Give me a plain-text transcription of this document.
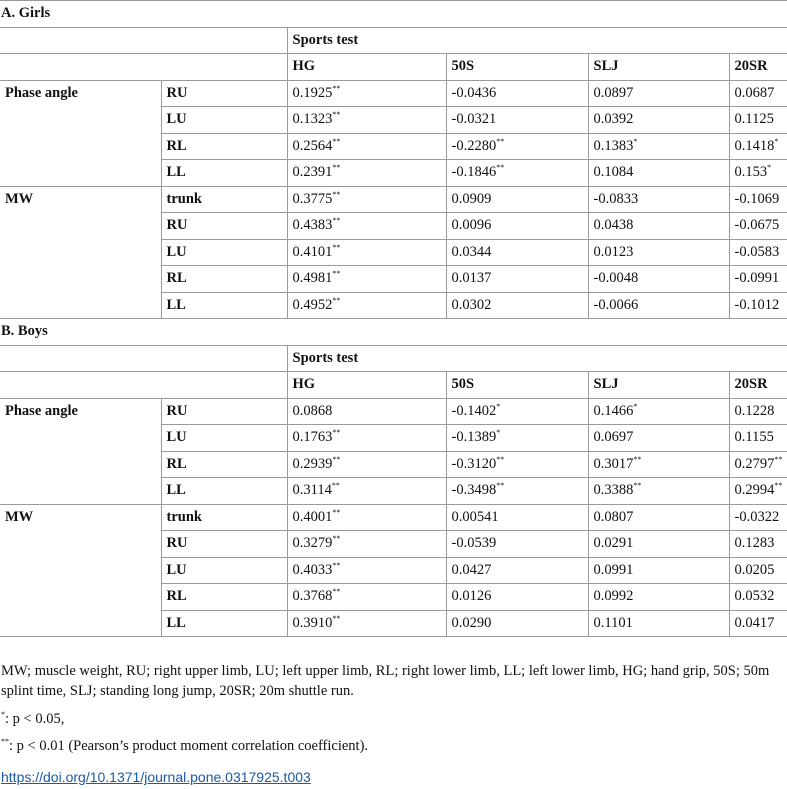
A. Girls					
		Sports test			
		HG	50S	SLJ	20SR
Phase angle	RU	0.1925**	-0.0436	0.0897	0.0687
	LU	0.1323**	-0.0321	0.0392	0.1125
	RL	0.2564**	-0.2280**	0.1383*	0.1418*
	LL	0.2391**	-0.1846**	0.1084	0.153*
MW	trunk	0.3775**	0.0909	-0.0833	-0.1069
	RU	0.4383**	0.0096	0.0438	-0.0675
	LU	0.4101**	0.0344	0.0123	-0.0583
	RL	0.4981**	0.0137	-0.0048	-0.0991
	LL	0.4952**	0.0302	-0.0066	-0.1012
B. Boys					
		Sports test			
		HG	50S	SLJ	20SR
Phase angle	RU	0.0868	-0.1402*	0.1466*	0.1228
	LU	0.1763**	-0.1389*	0.0697	0.1155
	RL	0.2939**	-0.3120**	0.3017**	0.2797**
	LL	0.3114**	-0.3498**	0.3388**	0.2994**
MW	trunk	0.4001**	0.00541	0.0807	-0.0322
	RU	0.3279**	-0.0539	0.0291	0.1283
	LU	0.4033**	0.0427	0.0991	0.0205
	RL	0.3768**	0.0126	0.0992	0.0532
	LL	0.3910**	0.0290	0.1101	0.0417
MW; muscle weight, RU; right upper limb, LU; left upper limb, RL; right lower limb, LL; left lower limb, HG; hand grip, 50S; 50m splint time, SLJ; standing long jump, 20SR; 20m shuttle run.
*: p < 0.05,
**: p < 0.01 (Pearson’s product moment correlation coefficient).
https://doi.org/10.1371/journal.pone.0317925.t003
